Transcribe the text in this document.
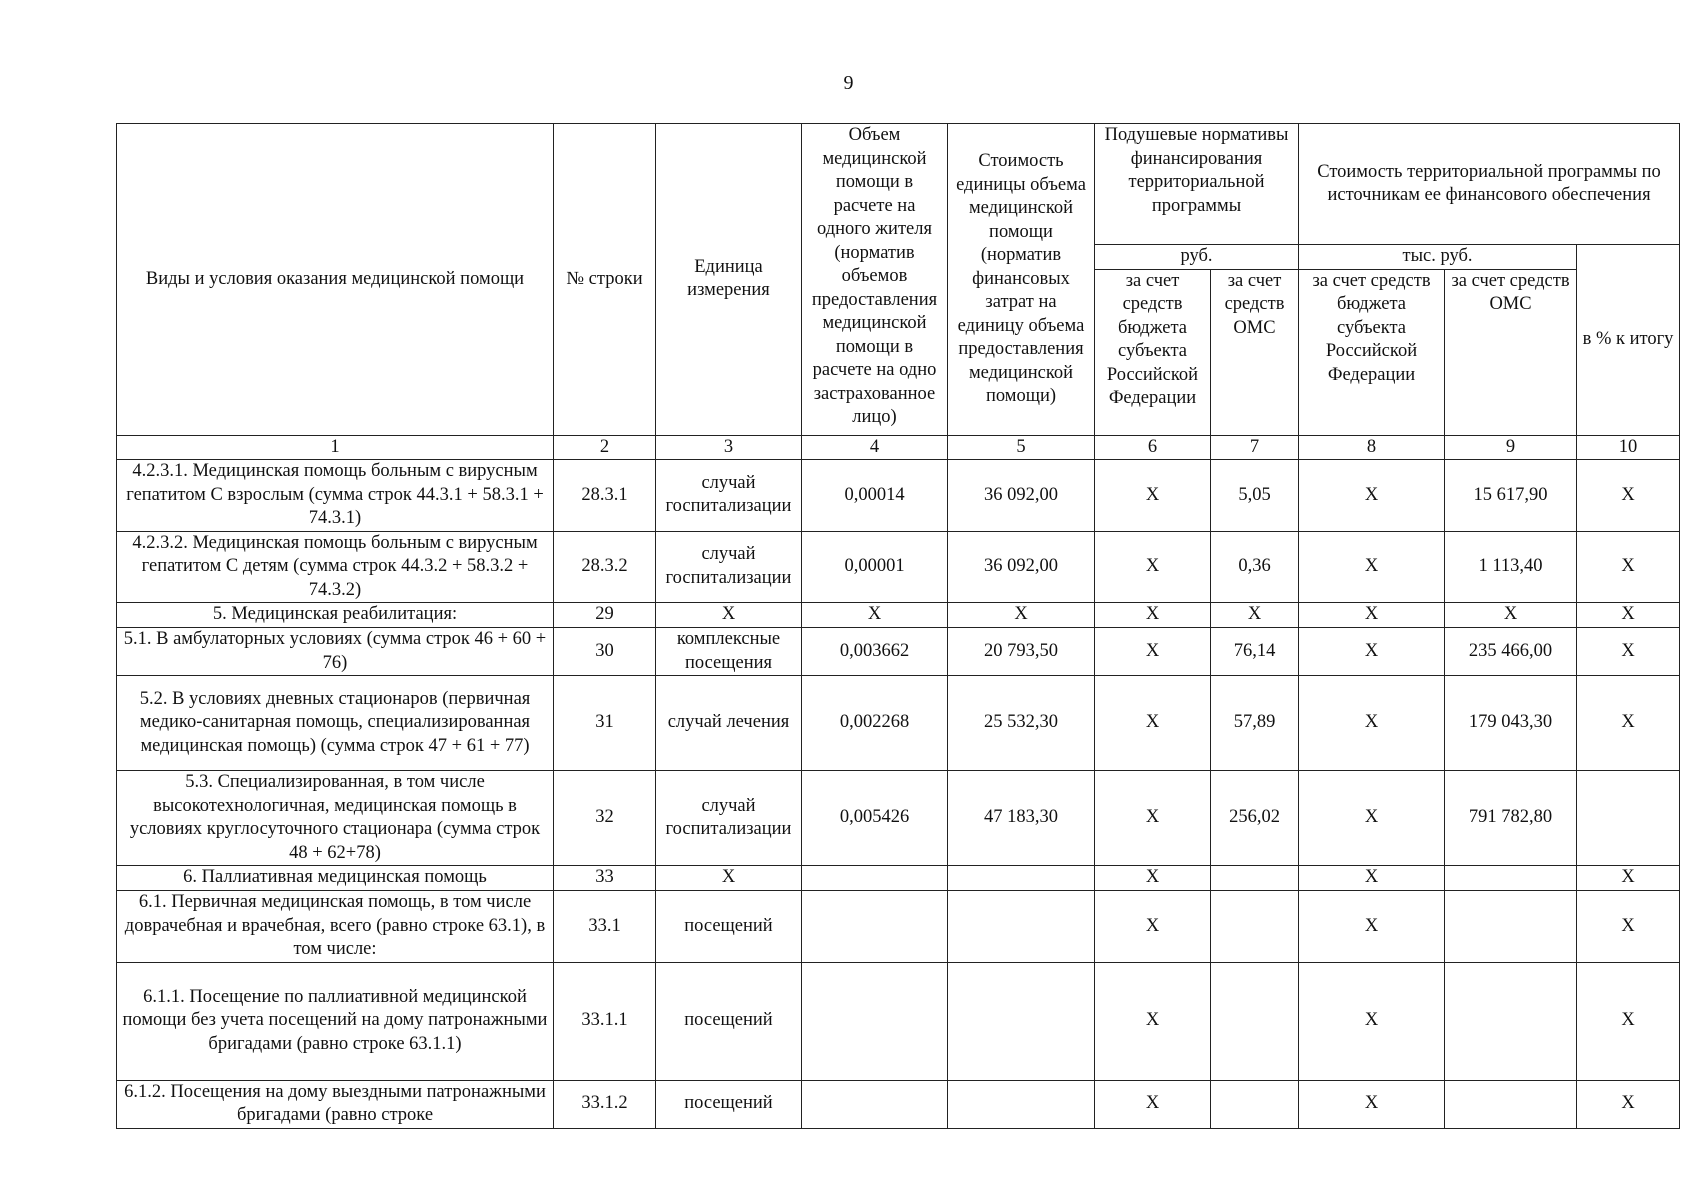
9
Виды и условия оказания медицинской помощи	№ строки	Единица измерения	Объем медицинской помощи в расчете на одного жителя (норматив объемов предоставления медицинской помощи в расчете на одно застрахованное лицо)	Стоимость единицы объема медицинской помощи (норматив финансовых затрат на единицу объема предоставления медицинской помощи)	Подушевые нормативы финансирования территориальной программы		Стоимость территориальной программы по источникам ее финансового обеспечения		
					руб.		тыс. руб.		в % к итогу
					за счет средств бюджета субъекта Российской Федерации	за счет средств ОМС	за счет средств бюджета субъекта Российской Федерации	за счет средств ОМС	
1	2	3	4	5	6	7	8	9	10
4.2.3.1. Медицинская помощь больным с вирусным гепатитом С взрослым (сумма строк 44.3.1 + 58.3.1 + 74.3.1)	28.3.1	случай госпитализации	0,00014	36 092,00	Х	5,05	Х	15 617,90	Х
4.2.3.2. Медицинская помощь больным с вирусным гепатитом С детям (сумма строк 44.3.2 + 58.3.2 + 74.3.2)	28.3.2	случай госпитализации	0,00001	36 092,00	Х	0,36	Х	1 113,40	Х
5. Медицинская реабилитация:	29	Х	Х	Х	Х	Х	Х	Х	Х
5.1. В амбулаторных условиях (сумма строк 46 + 60 + 76)	30	комплексные посещения	0,003662	20 793,50	Х	76,14	Х	235 466,00	Х
5.2. В условиях дневных стационаров (первичная медико-санитарная помощь, специализированная медицинская помощь) (сумма строк 47 + 61 + 77)	31	случай лечения	0,002268	25 532,30	Х	57,89	Х	179 043,30	Х
5.3. Специализированная, в том числе высокотехнологичная, медицинская помощь в условиях круглосуточного стационара (сумма строк 48 + 62+78)	32	случай госпитализации	0,005426	47 183,30	Х	256,02	Х	791 782,80	
6. Паллиативная медицинская помощь	33	Х			Х		Х		Х
6.1. Первичная медицинская помощь, в том числе доврачебная и врачебная, всего (равно строке 63.1), в том числе:	33.1	посещений			Х		Х		Х
6.1.1. Посещение по паллиативной медицинской помощи без учета посещений на дому патронажными бригадами (равно строке 63.1.1)	33.1.1	посещений			Х		Х		Х
6.1.2. Посещения на дому выездными патронажными бригадами (равно строке	33.1.2	посещений			Х		Х		Х
